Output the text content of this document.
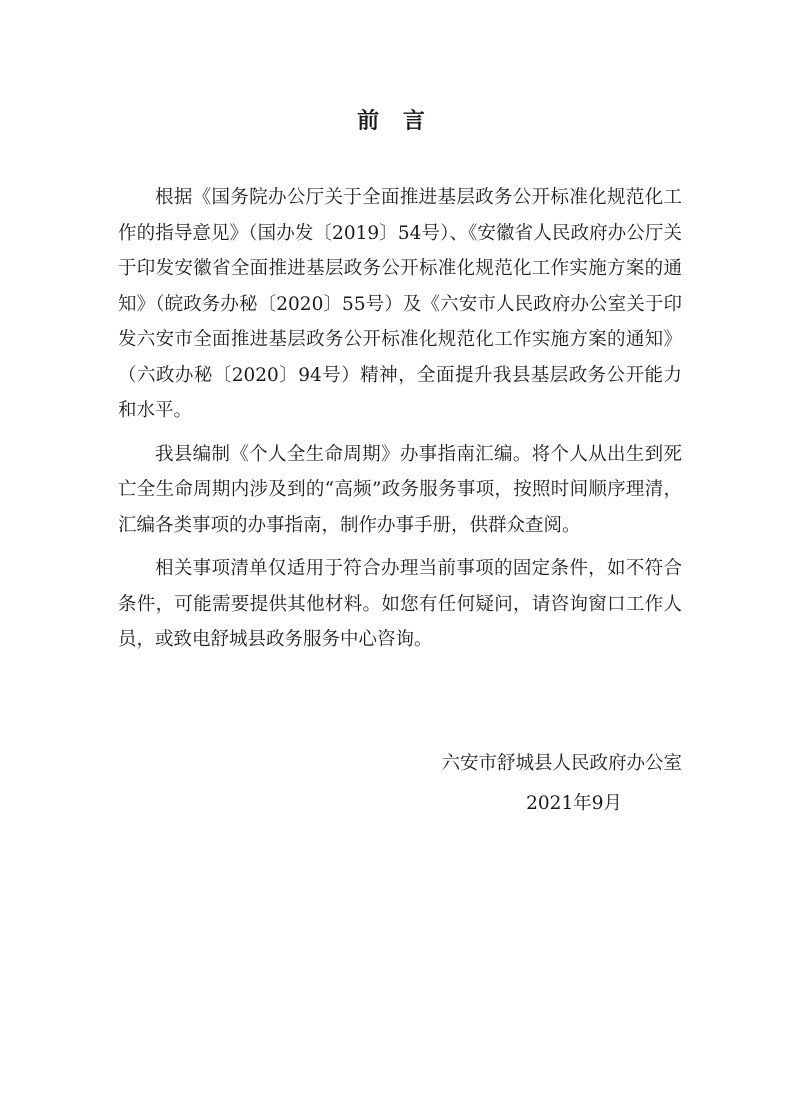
前 言

根据《国务院办公厅关于全面推进基层政务公开标准化规范化工作的指导意见》（国办发〔2019〕54号）、《安徽省人民政府办公厅关于印发安徽省全面推进基层政务公开标准化规范化工作实施方案的通知》（皖政务办秘〔2020〕55号）及《六安市人民政府办公室关于印发六安市全面推进基层政务公开标准化规范化工作实施方案的通知》（六政办秘〔2020〕94号）精神，全面提升我县基层政务公开能力和水平。

我县编制《个人全生命周期》办事指南汇编。将个人从出生到死亡全生命周期内涉及到的“高频”政务服务事项，按照时间顺序理清，汇编各类事项的办事指南，制作办事手册，供群众查阅。

相关事项清单仅适用于符合办理当前事项的固定条件，如不符合条件，可能需要提供其他材料。如您有任何疑问，请咨询窗口工作人员，或致电舒城县政务服务中心咨询。

六安市舒城县人民政府办公室

2021年9月
